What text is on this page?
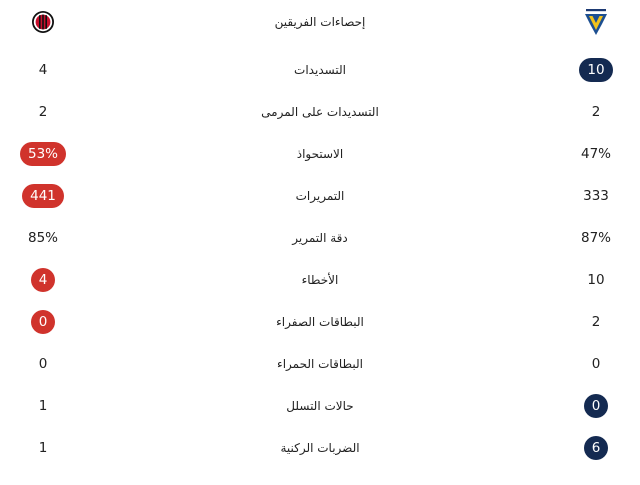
إحصاءات الفريقين
10
التسديدات
4
2
التسديدات على المرمى
2
47%
الاستحواذ
53%
333
التمريرات
441
87%
دقة التمرير
85%
10
الأخطاء
4
2
البطاقات الصفراء
0
0
البطاقات الحمراء
0
0
حالات التسلل
1
6
الضربات الركنية
1
